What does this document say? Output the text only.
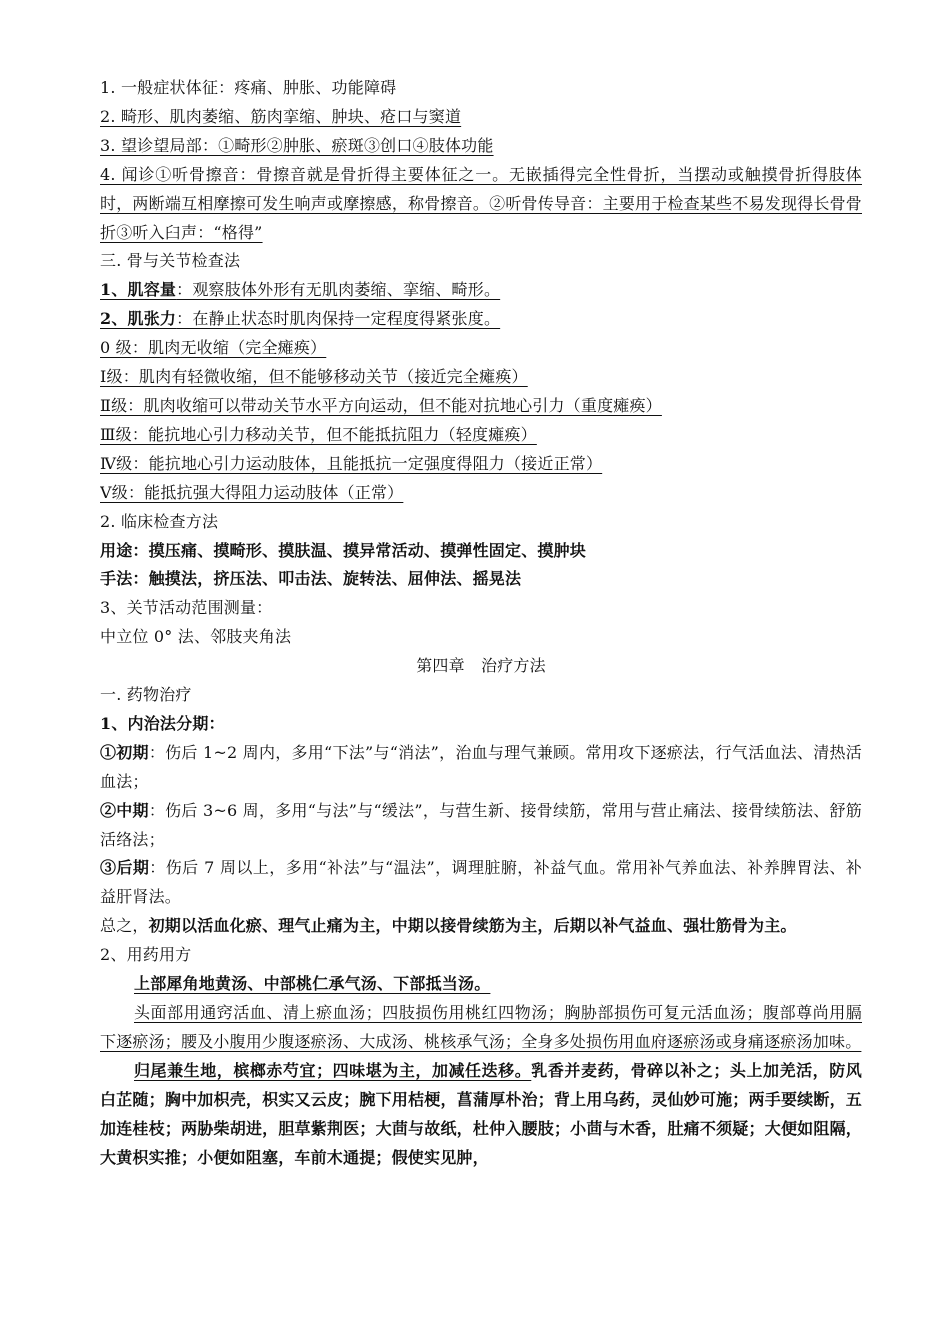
1. 一般症状体征：疼痛、肿胀、功能障碍
2. 畸形、肌肉萎缩、筋肉挛缩、肿块、疮口与窦道
3. 望诊望局部：①畸形②肿胀、瘀斑③创口④肢体功能
4. 闻诊①听骨擦音：骨擦音就是骨折得主要体征之一。无嵌插得完全性骨折，当摆动或触摸骨折得肢体时，两断端互相摩擦可发生响声或摩擦感，称骨擦音。②听骨传导音：主要用于检查某些不易发现得长骨骨折③听入臼声：“格得”
三. 骨与关节检查法
1、肌容量：观察肢体外形有无肌肉萎缩、挛缩、畸形。
2、肌张力：在静止状态时肌肉保持一定程度得紧张度。
0 级：肌肉无收缩（完全瘫痪）
Ⅰ级：肌肉有轻微收缩，但不能够移动关节（接近完全瘫痪）
Ⅱ级：肌肉收缩可以带动关节水平方向运动，但不能对抗地心引力（重度瘫痪）
Ⅲ级：能抗地心引力移动关节，但不能抵抗阻力（轻度瘫痪）
Ⅳ级：能抗地心引力运动肢体，且能抵抗一定强度得阻力（接近正常）
Ⅴ级：能抵抗强大得阻力运动肢体（正常）
2. 临床检查方法
用途：摸压痛、摸畸形、摸肤温、摸异常活动、摸弹性固定、摸肿块
手法：触摸法，挤压法、叩击法、旋转法、屈伸法、摇晃法
3、关节活动范围测量：
中立位 0° 法、邻肢夹角法
第四章　治疗方法
一. 药物治疗
1、内治法分期：
①初期：伤后 1~2 周内，多用“下法”与“消法”，治血与理气兼顾。常用攻下逐瘀法，行气活血法、清热活血法；
②中期：伤后 3~6 周，多用“与法”与“缓法”，与营生新、接骨续筋，常用与营止痛法、接骨续筋法、舒筋活络法；
③后期：伤后 7 周以上，多用“补法”与“温法”，调理脏腑，补益气血。常用补气养血法、补养脾胃法、补益肝肾法。
总之，初期以活血化瘀、理气止痛为主，中期以接骨续筋为主，后期以补气益血、强壮筋骨为主。
2、用药用方
上部犀角地黄汤、中部桃仁承气汤、下部抵当汤。
头面部用通窍活血、清上瘀血汤；四肢损伤用桃红四物汤；胸胁部损伤可复元活血汤；腹部尊尚用膈下逐瘀汤；腰及小腹用少腹逐瘀汤、大成汤、桃核承气汤；全身多处损伤用血府逐瘀汤或身痛逐瘀汤加味。
归尾兼生地，槟榔赤芍宜；四味堪为主，加减任迭移。乳香并麦药，骨碎以补之；头上加羌活，防风白芷随；胸中加枳壳，枳实又云皮；腕下用桔梗，菖蒲厚朴治；背上用乌药，灵仙妙可施；两手要续断，五加连桂枝；两胁柴胡进，胆草紫荆医；大茴与故纸，杜仲入腰肢；小茴与木香，肚痛不须疑；大便如阻隔，大黄枳实推；小便如阻塞，车前木通提；假使实见肿，
